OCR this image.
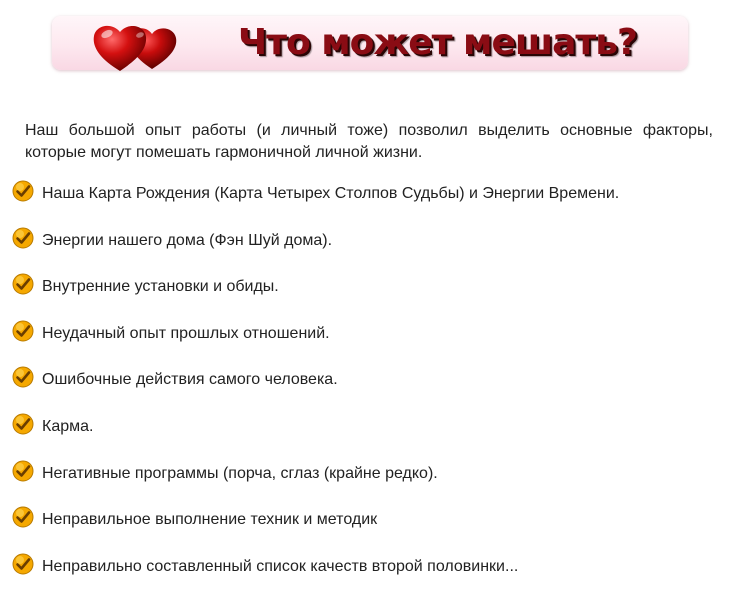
Что может мешать?

Наш большой опыт работы (и личный тоже) позволил выделить основные факторы, которые могут помешать гармоничной личной жизни.

Наша Карта Рождения (Карта Четырех Столпов Судьбы) и Энергии Времени.
Энергии нашего дома (Фэн Шуй дома).
Внутренние установки и обиды.
Неудачный опыт прошлых отношений.
Ошибочные действия самого человека.
Карма.
Негативные программы (порча, сглаз (крайне редко).
Неправильное выполнение техник и методик
Неправильно составленный список качеств второй половинки...
